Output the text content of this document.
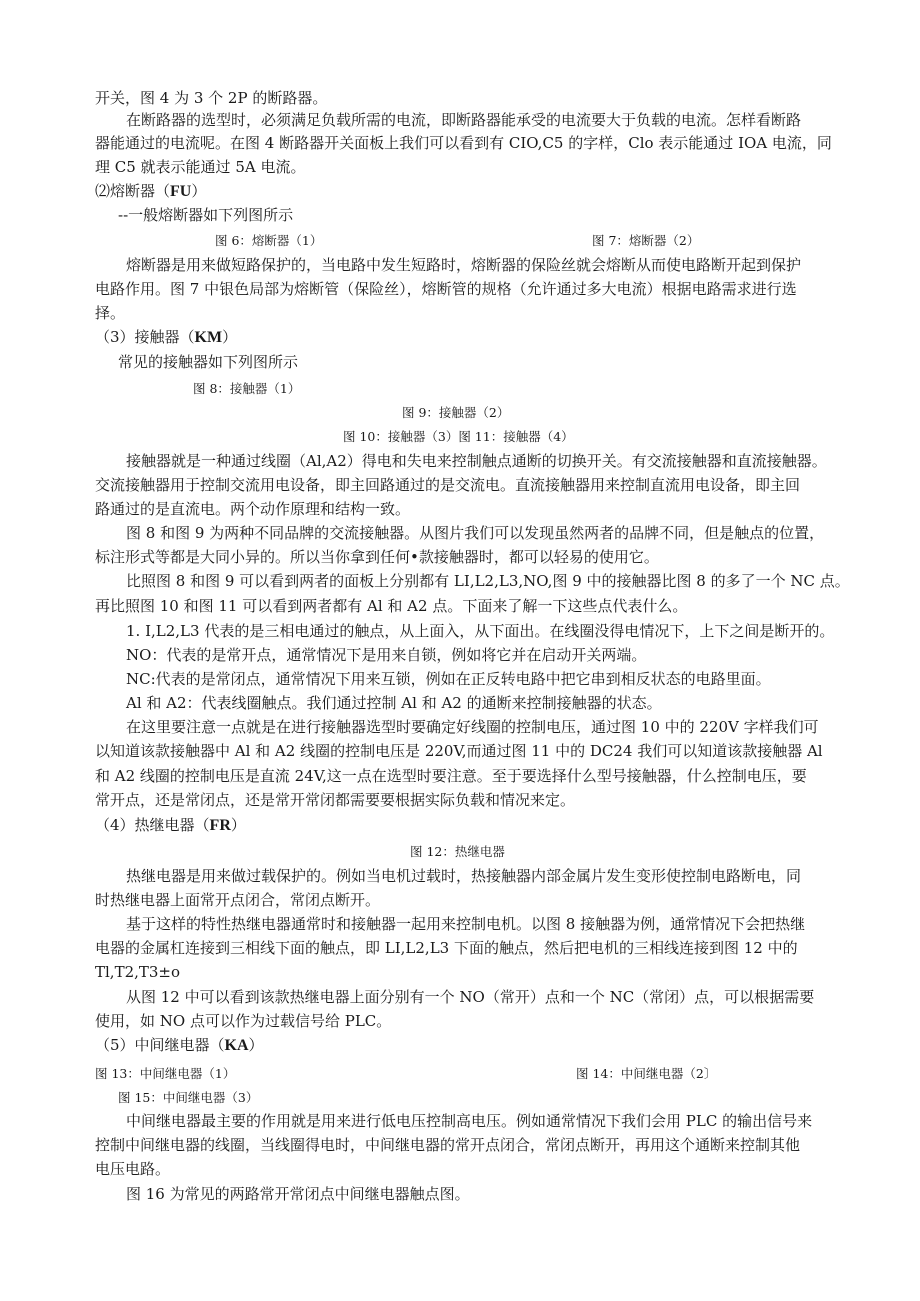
开关，图 4 为 3 个 2P 的断路器。
在断路器的选型时，必须满足负载所需的电流，即断路器能承受的电流要大于负载的电流。怎样看断路
器能通过的电流呢。在图 4 断路器开关面板上我们可以看到有 CIO,C5 的字样，Clo 表示能通过 IOA 电流，同
理 C5 就表示能通过 5A 电流。
⑵熔断器（FU）
--一般熔断器如下列图所示
图 6：熔断器（1）	图 7：熔断器（2）
熔断器是用来做短路保护的，当电路中发生短路时，熔断器的保险丝就会熔断从而使电路断开起到保护
电路作用。图 7 中银色局部为熔断管（保险丝），熔断管的规格（允许通过多大电流）根据电路需求进行选
择。
（3）接触器（KM）
常见的接触器如下列图所示
图 8：接触器（1）
图 9：接触器（2）
图 10：接触器（3）图 11：接触器（4）
接触器就是一种通过线圈（Al,A2）得电和失电来控制触点通断的切换开关。有交流接触器和直流接触器。
交流接触器用于控制交流用电设备，即主回路通过的是交流电。直流接触器用来控制直流用电设备，即主回
路通过的是直流电。两个动作原理和结构一致。
图 8 和图 9 为两种不同品牌的交流接触器。从图片我们可以发现虽然两者的品牌不同，但是触点的位置，
标注形式等都是大同小异的。所以当你拿到任何•款接触器时，都可以轻易的使用它。
比照图 8 和图 9 可以看到两者的面板上分别都有 LI,L2,L3,NO,图 9 中的接触器比图 8 的多了一个 NC 点。
再比照图 10 和图 11 可以看到两者都有 Al 和 A2 点。下面来了解一下这些点代表什么。
1. I,L2,L3 代表的是三相电通过的触点，从上面入，从下面出。在线圈没得电情况下，上下之间是断开的。
NO：代表的是常开点，通常情况下是用来自锁，例如将它并在启动开关两端。
NC:代表的是常闭点，通常情况下用来互锁，例如在正反转电路中把它串到相反状态的电路里面。
Al 和 A2：代表线圈触点。我们通过控制 Al 和 A2 的通断来控制接触器的状态。
在这里要注意一点就是在进行接触器选型时要确定好线圈的控制电压，通过图 10 中的 220V 字样我们可
以知道该款接触器中 Al 和 A2 线圈的控制电压是 220V,而通过图 11 中的 DC24 我们可以知道该款接触器 Al
和 A2 线圈的控制电压是直流 24V,这一点在选型时要注意。至于要选择什么型号接触器，什么控制电压，要
常开点，还是常闭点，还是常开常闭都需要要根据实际负载和情况来定。
（4）热继电器（FR）
图 12：热继电器
热继电器是用来做过载保护的。例如当电机过载时，热接触器内部金属片发生变形使控制电路断电，同
时热继电器上面常开点闭合，常闭点断开。
基于这样的特性热继电器通常时和接触器一起用来控制电机。以图 8 接触器为例，通常情况下会把热继
电器的金属杠连接到三相线下面的触点，即 LI,L2,L3 下面的触点，然后把电机的三相线连接到图 12 中的
Tl,T2,T3±o
从图 12 中可以看到该款热继电器上面分别有一个 NO（常开）点和一个 NC（常闭）点，可以根据需要
使用，如 NO 点可以作为过载信号给 PLC。
（5）中间继电器（KA）
图 13：中间继电器（1）	图 14：中间继电器（2〕
图 15：中间继电器（3）
中间继电器最主要的作用就是用来进行低电压控制高电压。例如通常情况下我们会用 PLC 的输出信号来
控制中间继电器的线圈，当线圈得电时，中间继电器的常开点闭合，常闭点断开，再用这个通断来控制其他
电压电路。
图 16 为常见的两路常开常闭点中间继电器触点图。
